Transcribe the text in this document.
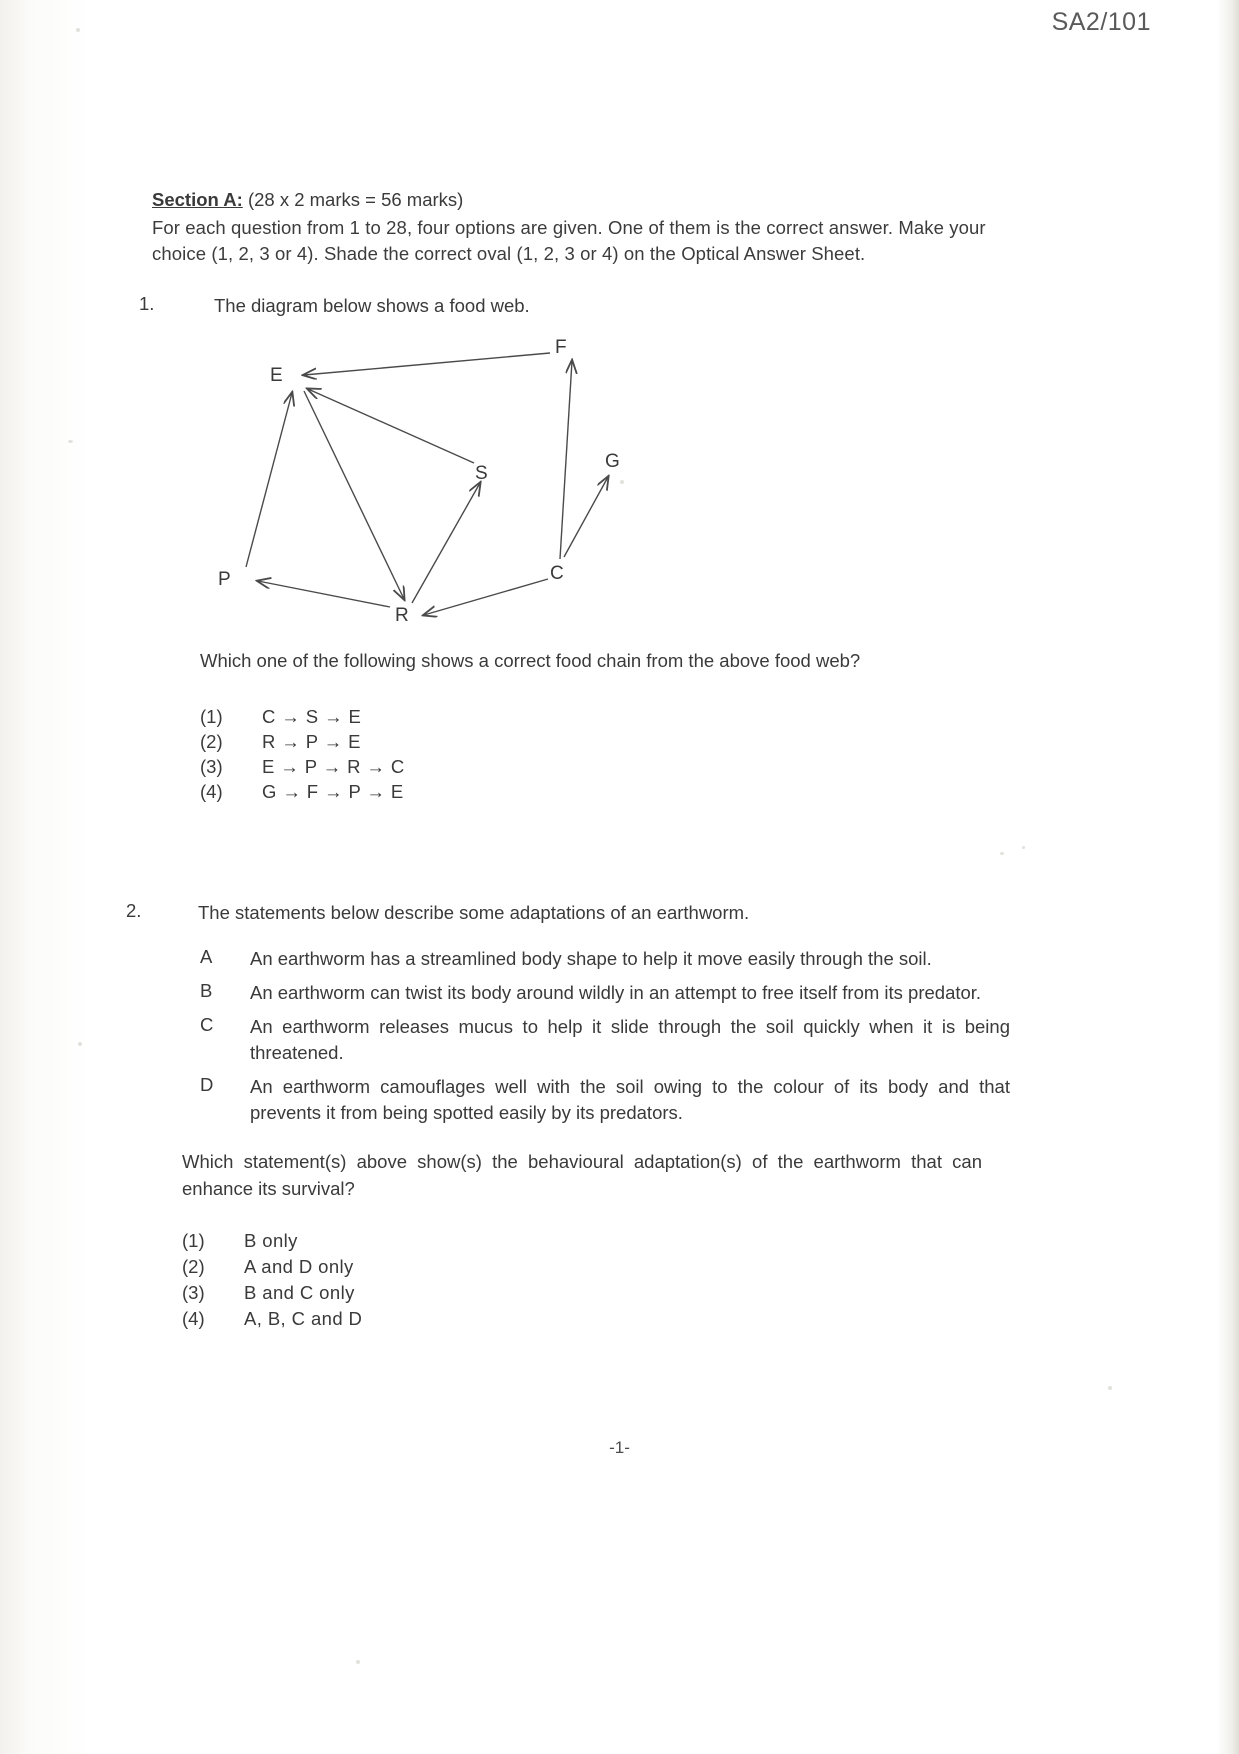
SA2/101
Section A: (28 x 2 marks = 56 marks)
For each question from 1 to 28, four options are given. One of them is the correct answer. Make your choice (1, 2, 3 or 4). Shade the correct oval (1, 2, 3 or 4) on the Optical Answer Sheet.
1.	The diagram below shows a food web.
E
F
G
S
C
P
R
Which one of the following shows a correct food chain from the above food web?
(1)	C → S → E
(2)	R → P → E
(3)	E → P → R → C
(4)	G → F → P → E
2.	The statements below describe some adaptations of an earthworm.
A	An earthworm has a streamlined body shape to help it move easily through the soil.
B	An earthworm can twist its body around wildly in an attempt to free itself from its predator.
C	An earthworm releases mucus to help it slide through the soil quickly when it is being threatened.
D	An earthworm camouflages well with the soil owing to the colour of its body and that prevents it from being spotted easily by its predators.
Which statement(s) above show(s) the behavioural adaptation(s) of the earthworm that can enhance its survival?
(1)	B only
(2)	A and D only
(3)	B and C only
(4)	A, B, C and D
-1-
